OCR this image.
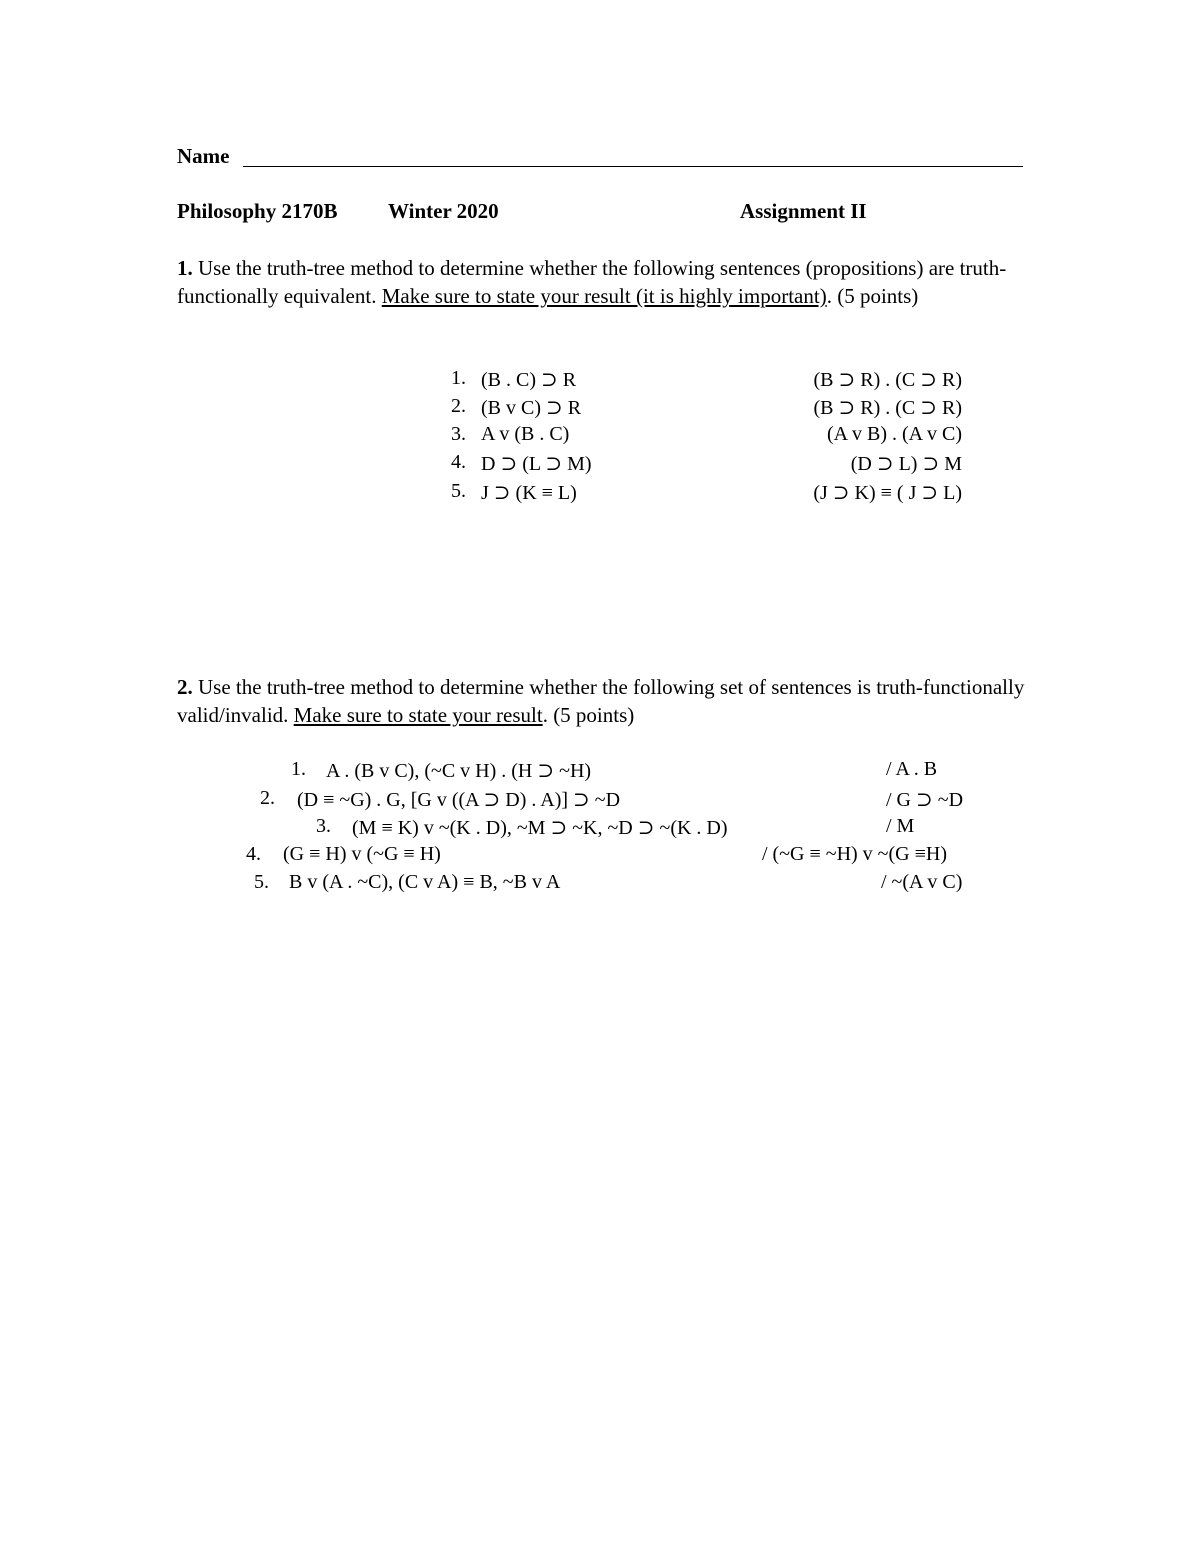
Name
Philosophy 2170B Winter 2020	Assignment II
1. Use the truth-tree method to determine whether the following sentences (propositions) are truth-functionally equivalent. Make sure to state your result (it is highly important). (5 points)
1. (B . C) ⊃ R	(B ⊃ R) . (C ⊃ R)
2. (B v C) ⊃ R	(B ⊃ R) . (C ⊃ R)
3. A v (B . C)	(A v B) . (A v C)
4. D ⊃ (L ⊃ M)	(D ⊃ L) ⊃ M
5. J ⊃ (K ≡ L)	(J ⊃ K) ≡ ( J ⊃ L)
2. Use the truth-tree method to determine whether the following set of sentences is truth-functionally valid/invalid. Make sure to state your result. (5 points)
1. A . (B v C), (~C v H) . (H ⊃ ~H)	/ A . B
2. (D ≡ ~G) . G, [G v ((A ⊃ D) . A)] ⊃ ~D	/ G ⊃ ~D
3. (M ≡ K) v ~(K . D), ~M ⊃ ~K, ~D ⊃ ~(K . D)	/ M
4. (G ≡ H) v (~G ≡ H)	/ (~G ≡ ~H) v ~(G ≡H)
5. B v (A . ~C), (C v A) ≡ B, ~B v A	/ ~(A v C)
